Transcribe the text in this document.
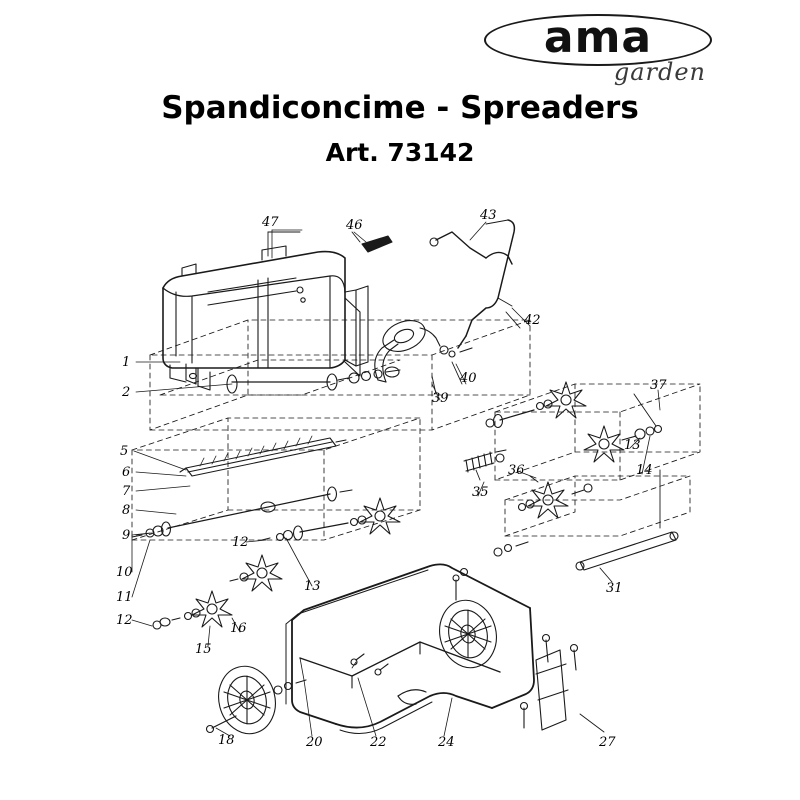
ama
garden
Spandiconcime - Spreaders
Art. 73142
1
2
5
6
7
8
9
10
11
12
12
13
15
16
18	20	22	24	27
31
35
36
37
13
14
39
40
42
43
46
47
